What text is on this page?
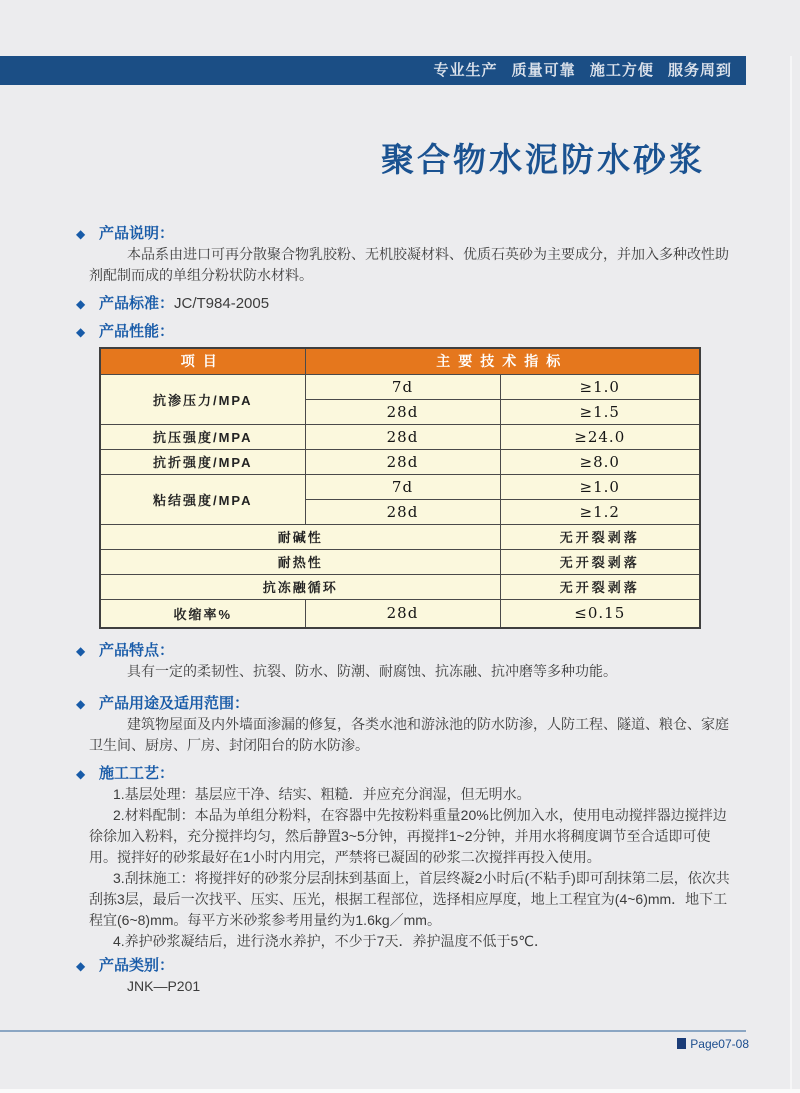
专业生产 质量可靠 施工方便 服务周到
聚合物水泥防水砂浆
◆产品说明：

本品系由进口可再分散聚合物乳胶粉、无机胶凝材料、优质石英砂为主要成分，并加入多种改性助剂配制而成的单组分粉状防水材料。

◆产品标准：JC/T984-2005
◆产品性能：
项目	主要技术指标	
抗渗压力/MPA	7d	≥1.0
	28d	≥1.5
抗压强度/MPA	28d	≥24.0
抗折强度/MPA	28d	≥8.0
粘结强度/MPA	7d	≥1.0
	28d	≥1.2
耐碱性		无开裂剥落
耐热性		无开裂剥落
抗冻融循环		无开裂剥落
收缩率%	28d	≤0.15
◆产品特点：

具有一定的柔韧性、抗裂、防水、防潮、耐腐蚀、抗冻融、抗冲磨等多种功能。

◆产品用途及适用范围：

建筑物屋面及内外墙面渗漏的修复，各类水池和游泳池的防水防渗，人防工程、隧道、粮仓、家庭卫生间、厨房、厂房、封闭阳台的防水防渗。

◆施工工艺：

1.基层处理：基层应干净、结实、粗糙．并应充分润湿，但无明水。

2.材料配制：本品为单组分粉料，在容器中先按粉料重量20%比例加入水，使用电动搅拌器边搅拌边徐徐加入粉料，充分搅拌均匀，然后静置3~5分钟，再搅拌1~2分钟，并用水将稠度调节至合适即可使用。搅拌好的砂浆最好在1小时内用完，严禁将已凝固的砂浆二次搅拌再投入使用。

3.刮抹施工：将搅拌好的砂浆分层刮抹到基面上，首层终凝2小时后(不粘手)即可刮抹第二层，依次共刮拣3层，最后一次找平、压实、压光，根据工程部位，选择相应厚度，地上工程宜为(4~6)mm．地下工程宜(6~8)mm。每平方米砂浆参考用量约为1.6kg／mm。

4.养护砂浆凝结后，进行浇水养护，不少于7天．养护温度不低于5℃．

◆产品类别：

JNK—P201

Page07-08
